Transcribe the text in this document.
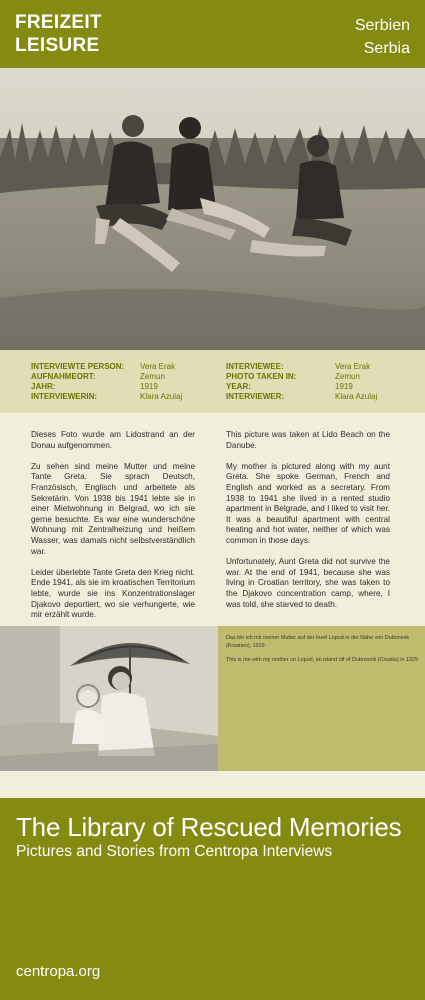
FREIZEIT
LEISURE
Serbien
Serbia
INTERVIEWTE PERSON:
AUFNAHMEORT:
JAHR:
INTERVIEWERIN:
Vera Erak
Zemun
1919
Klara Azulaj
INTERVIEWEE:
PHOTO TAKEN IN:
YEAR:
INTERVIEWER:
Vera Erak
Zemun
1919
Klara Azulaj

Dieses Foto wurde am Lidostrand an der Donau aufgenommen.

Zu sehen sind meine Mutter und meine Tante Greta. Sie sprach Deutsch, Französisch, Englisch und arbeitete als Sekretärin. Von 1938 bis 1941 lebte sie in einer Mietwohnung in Belgrad, wo ich sie gerne besuchte. Es war eine wunderschöne Wohnung mit Zentralheizung und heißem Wasser, was damals nicht selbstverständlich war.

Leider überlebte Tante Greta den Krieg nicht. Ende 1941, als sie im kroatischen Territorium lebte, wurde sie ins Konzentrationslager Djakovo deportiert, wo sie verhungerte, wie mir erzählt wurde.

This picture was taken at Lido Beach on the Danube.

My mother is pictured along with my aunt Greta. She spoke German, French and English and worked as a secretary. From 1938 to 1941 she lived in a rented studio apartment in Belgrade, and I liked to visit her. It was a beautiful apartment with central heating and hot water, neither of which was common in those days.

Unfortunately, Aunt Greta did not survive the war. At the end of 1941, because she was living in Croatian territory, she was taken to the Djakovo concentration camp, where, I was told, she starved to death.

Das bin ich mit meiner Mutter auf der Insel Lopud in der Nähe von Dubrovnik (Kroatien), 1929
This is me with my mother on Lopud, an island off of Dubrovnik (Croatia) in 1929
The Library of Rescued Memories
Pictures and Stories from Centropa Interviews
centropa.org
